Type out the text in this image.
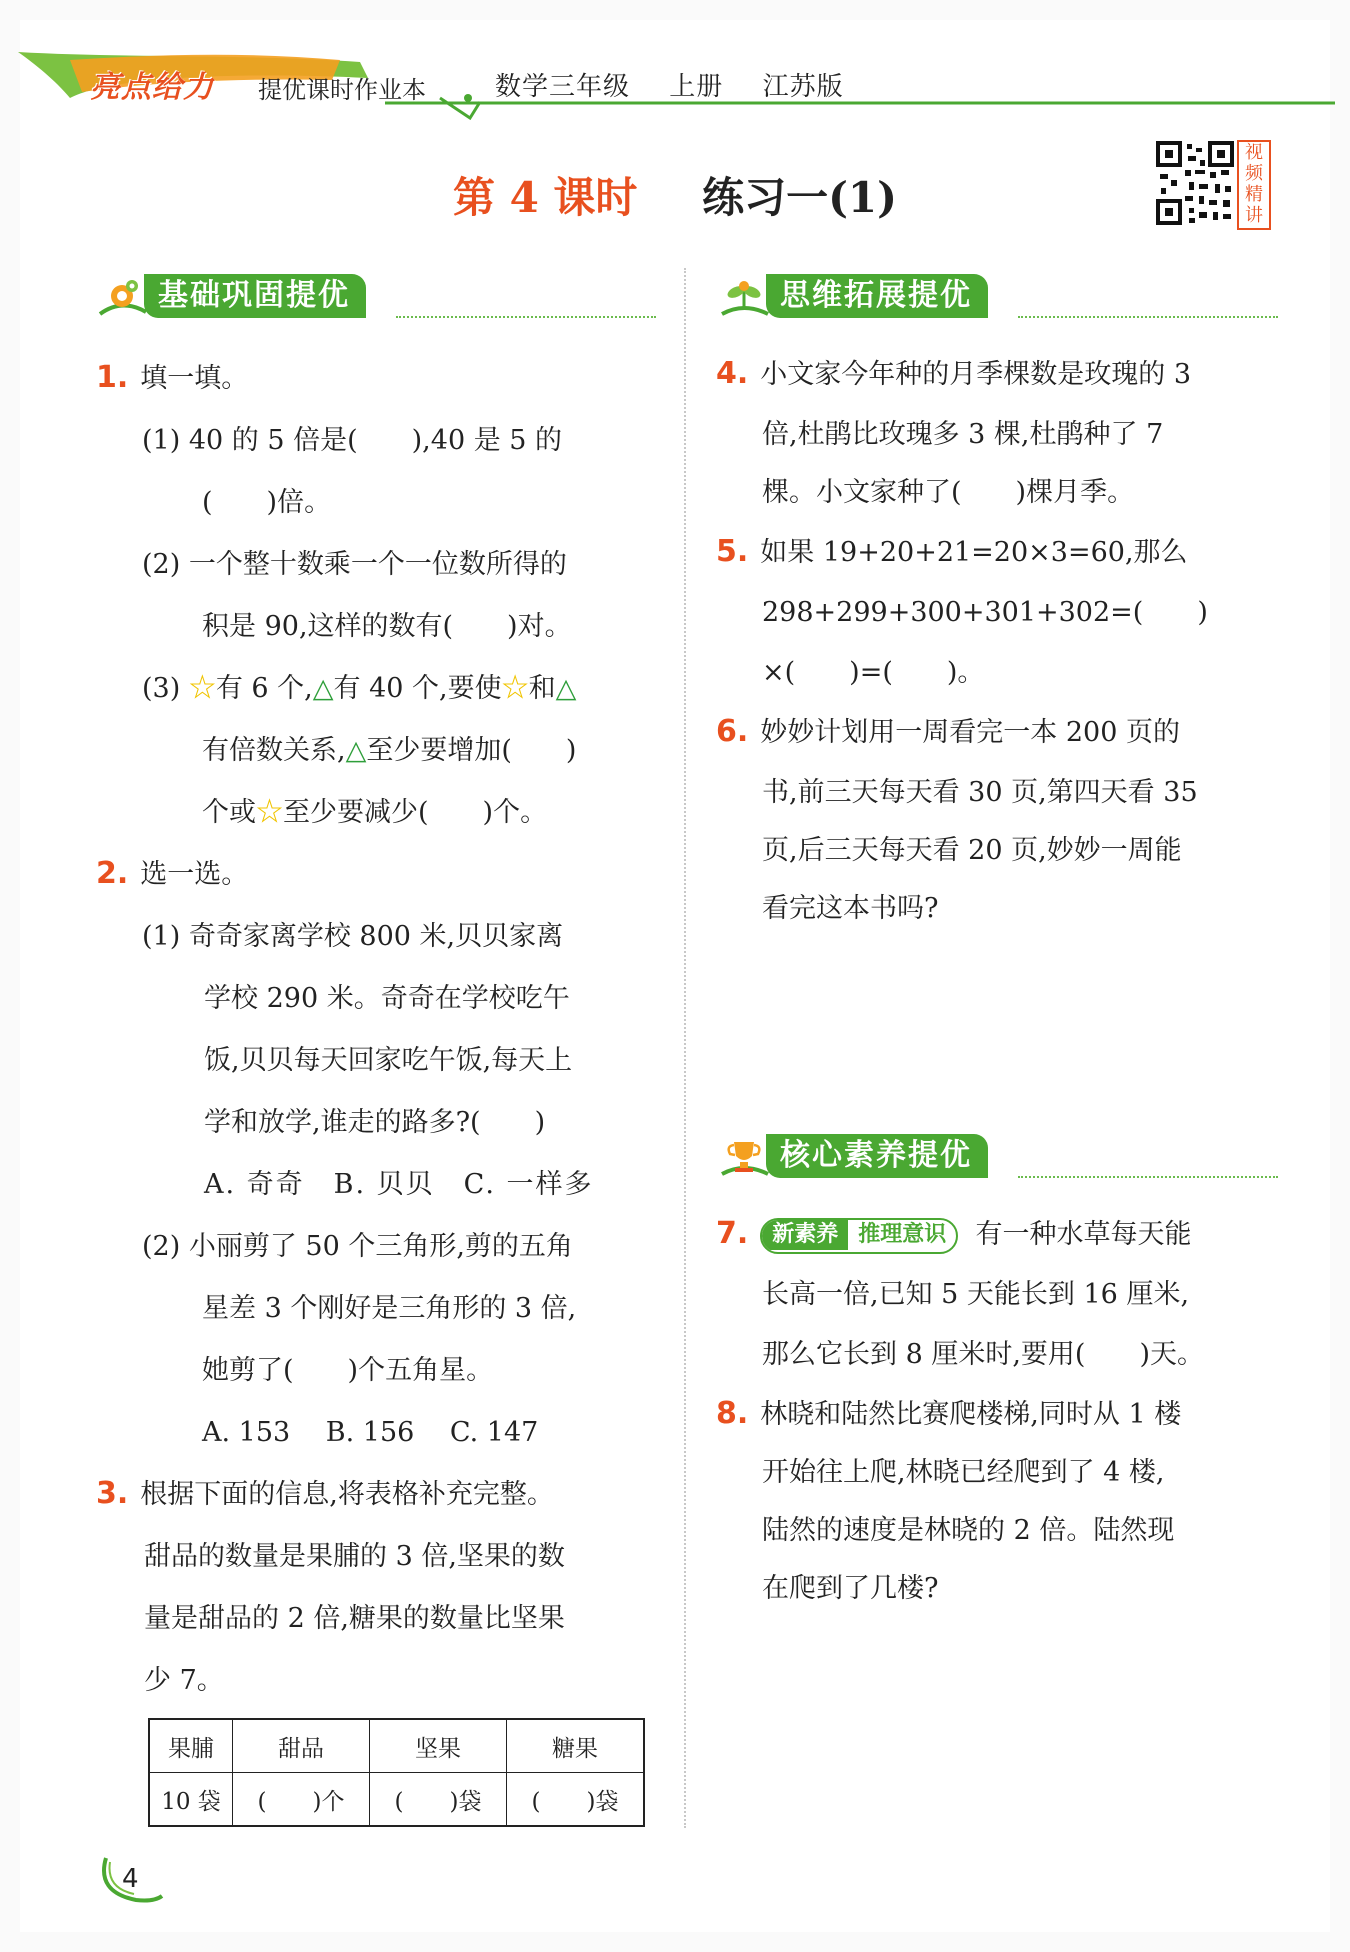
亮点给力 提优课时作业本	数学三年级 上册 江苏版
第 4 课时 练习一(1)
视
频
精
讲
基础巩固提优	思维拓展提优
核心素养提优
1. 填一填。
(1) 40 的 5 倍是(　　),40 是 5 的
(　　)倍。
(2) 一个整十数乘一个一位数所得的
积是 90,这样的数有(　　)对。
(3) ☆有 6 个,△有 40 个,要使☆和△
有倍数关系,△至少要增加(　　)
个或☆至少要减少(　　)个。
2. 选一选。
(1) 奇奇家离学校 800 米,贝贝家离
学校 290 米。奇奇在学校吃午
饭,贝贝每天回家吃午饭,每天上
学和放学,谁走的路多?(　　)
A. 奇奇　B. 贝贝　C. 一样多
(2) 小丽剪了 50 个三角形,剪的五角
星差 3 个刚好是三角形的 3 倍,
她剪了(　　)个五角星。
A. 153　 B. 156　 C. 147
3. 根据下面的信息,将表格补充完整。
甜品的数量是果脯的 3 倍,坚果的数
量是甜品的 2 倍,糖果的数量比坚果
少 7。
果脯	甜品	坚果	糖果
10 袋	(　　)个	(　　)袋	(　　)袋
4. 小文家今年种的月季棵数是玫瑰的 3
倍,杜鹃比玫瑰多 3 棵,杜鹃种了 7
棵。小文家种了(　　)棵月季。
5. 如果 19+20+21=20×3=60,那么
298+299+300+301+302=(　　)
×(　　)=(　　)。
6. 妙妙计划用一周看完一本 200 页的
书,前三天每天看 30 页,第四天看 35
页,后三天每天看 20 页,妙妙一周能
看完这本书吗?
7. 新素养 推理意识 有一种水草每天能
长高一倍,已知 5 天能长到 16 厘米,
那么它长到 8 厘米时,要用(　　)天。
8. 林晓和陆然比赛爬楼梯,同时从 1 楼
开始往上爬,林晓已经爬到了 4 楼,
陆然的速度是林晓的 2 倍。陆然现
在爬到了几楼?
4
